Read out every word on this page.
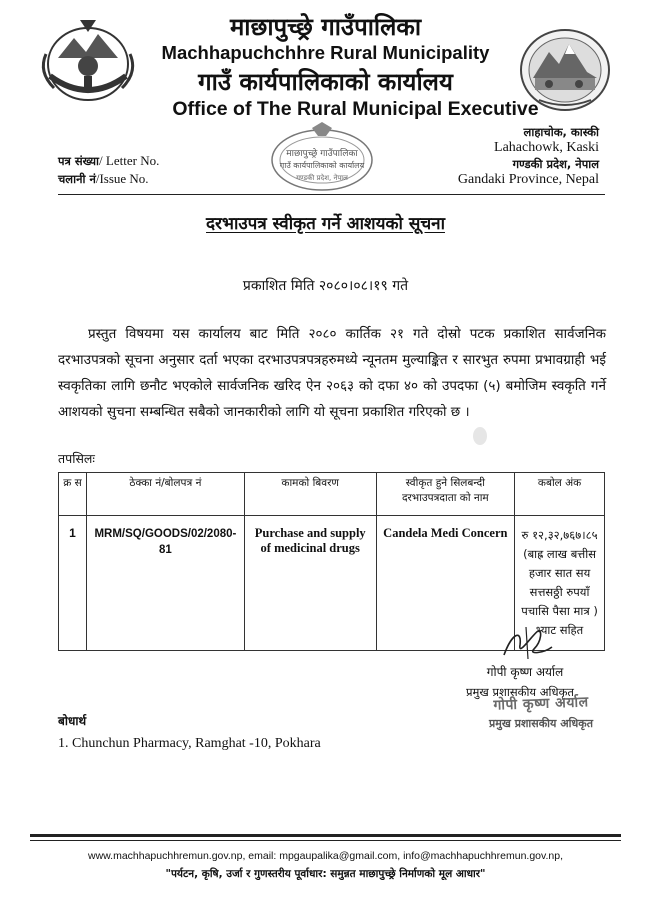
माछापुच्छ्रे गाउँपालिका
Machhapuchchhre Rural Municipality
गाउँ कार्यपालिकाको कार्यालय
Office of The Rural Municipal Executive
लाहाचोक, कास्की
Lahachowk, Kaski
गण्डकी प्रदेश, नेपाल
Gandaki Province, Nepal
पत्र संख्या/ Letter No.
चलानी नं/Issue No.
माछापुच्छ्रे गाउँपालिका
गाउँ कार्यपालिकाको कार्यालय
गण्डकी प्रदेश, नेपाल
दरभाउपत्र स्वीकृत गर्ने आशयको सूचना
प्रकाशित मिति २०८०।०८।१९ गते
प्रस्तुत विषयमा यस कार्यालय बाट मिति २०८० कार्तिक २१ गते दोस्रो पटक प्रकाशित सार्वजनिक दरभाउपत्रको सूचना अनुसार दर्ता भएका दरभाउपत्रपत्रहरुमध्ये न्यूनतम मुल्याङ्कित र सारभुत रुपमा प्रभावग्राही भई स्वकृतिका लागि छनौट भएकोले सार्वजनिक खरिद ऐन २०६३ को दफा ४० को उपदफा (५) बमोजिम स्वकृति गर्ने आशयको सुचना सम्बन्धित सबैको जानकारीको लागि यो सूचना प्रकाशित गरिएको छ ।
तपसिलः
क्र स	ठेक्का नं/बोलपत्र नं	कामको बिवरण	स्वीकृत हुने सिलबन्दी दरभाउपत्रदाता को नाम	कबोल अंक
1	MRM/SQ/GOODS/02/2080-81	Purchase and supply of medicinal drugs	Candela Medi Concern	रु १२,३२,७६७।८५ (बाह्र लाख बत्तीस हजार सात सय सत्तसठ्ठी रुपयाँ पचासि पैसा मात्र ) भ्याट सहित
गोपी कृष्ण अर्याल
प्रमुख प्रशासकीय अधिकृत
गोपी कृष्ण अर्याल
प्रमुख प्रशासकीय अधिकृत
बोधार्थ
1. Chunchun Pharmacy, Ramghat -10, Pokhara
www.machhapuchhremun.gov.np, email: mpgaupalika@gmail.com, info@machhapuchhremun.gov.np,
"पर्यटन, कृषि, उर्जा र गुणस्तरीय पूर्वाधार: समुन्नत माछापुच्छ्रे निर्माणको मूल आधार"
